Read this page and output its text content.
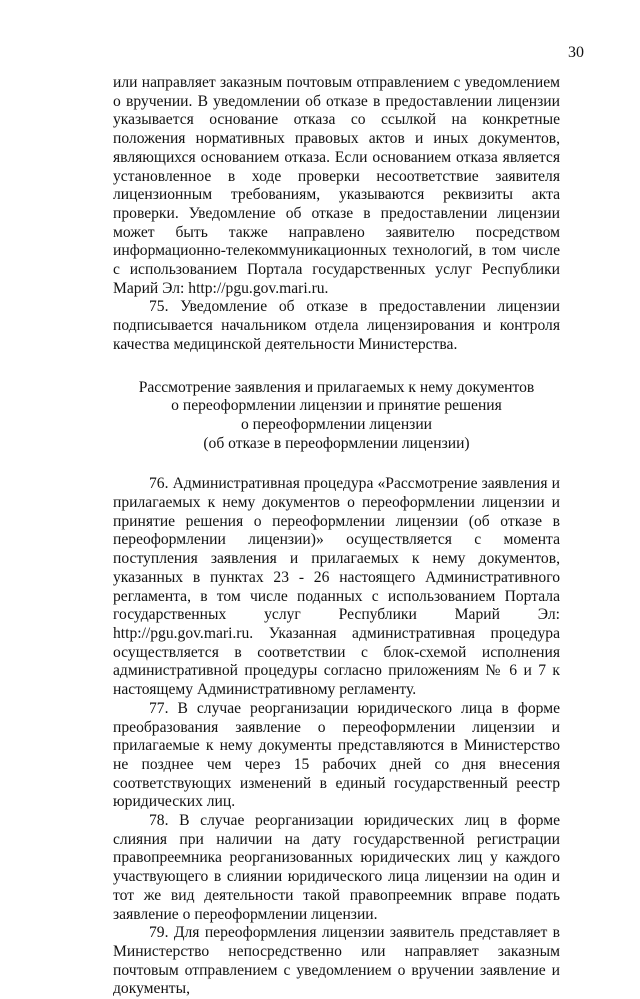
30

или направляет заказным почтовым отправлением с уведомлением о вручении. В уведомлении об отказе в предоставлении лицензии указывается основание отказа со ссылкой на конкретные положения нормативных правовых актов и иных документов, являющихся основанием отказа. Если основанием отказа является установленное в ходе проверки несоответствие заявителя лицензионным требованиям, указываются реквизиты акта проверки. Уведомление об отказе в предоставлении лицензии может быть также направлено заявителю посредством информационно-телекоммуникационных технологий, в том числе с использованием Портала государственных услуг Республики Марий Эл: http://pgu.gov.mari.ru.

75. Уведомление об отказе в предоставлении лицензии подписывается начальником отдела лицензирования и контроля качества медицинской деятельности Министерства.

Рассмотрение заявления и прилагаемых к нему документов
о переоформлении лицензии и принятие решения
о переоформлении лицензии
(об отказе в переоформлении лицензии)

76. Административная процедура «Рассмотрение заявления и прилагаемых к нему документов о переоформлении лицензии и принятие решения о переоформлении лицензии (об отказе в переоформлении лицензии)» осуществляется с момента поступления заявления и прилагаемых к нему документов, указанных в пунктах 23 - 26 настоящего Административного регламента, в том числе поданных с использованием Портала государственных услуг Республики Марий Эл: http://pgu.gov.mari.ru. Указанная административная процедура осуществляется в соответствии с блок-схемой исполнения административной процедуры согласно приложениям № 6 и 7 к настоящему Административному регламенту.

77. В случае реорганизации юридического лица в форме преобразования заявление о переоформлении лицензии и прилагаемые к нему документы представляются в Министерство не позднее чем через 15 рабочих дней со дня внесения соответствующих изменений в единый государственный реестр юридических лиц.

78. В случае реорганизации юридических лиц в форме слияния при наличии на дату государственной регистрации правопреемника реорганизованных юридических лиц у каждого участвующего в слиянии юридического лица лицензии на один и тот же вид деятельности такой правопреемник вправе подать заявление о переоформлении лицензии.

79. Для переоформления лицензии заявитель представляет в Министерство непосредственно или направляет заказным почтовым отправлением с уведомлением о вручении заявление и документы,
